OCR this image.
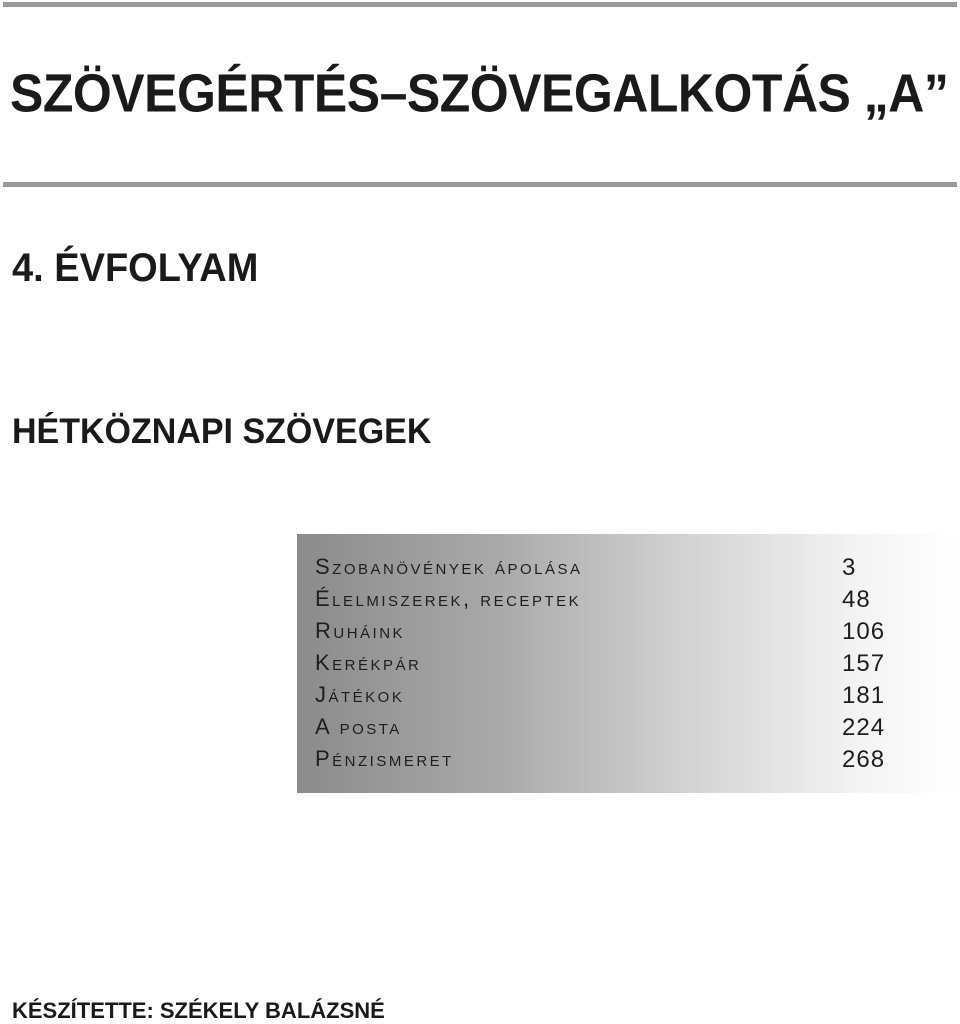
SZÖVEGÉRTÉS–SZÖVEGALKOTÁS „A”
4. ÉVFOLYAM
HÉTKÖZNAPI SZÖVEGEK
Szobanövények ápolása	3
Élelmiszerek, receptek	48
Ruháink	106
Kerékpár	157
Játékok	181
A posta	224
Pénzismeret	268

KÉSZÍTETTE: SZÉKELY BALÁZSNÉ
